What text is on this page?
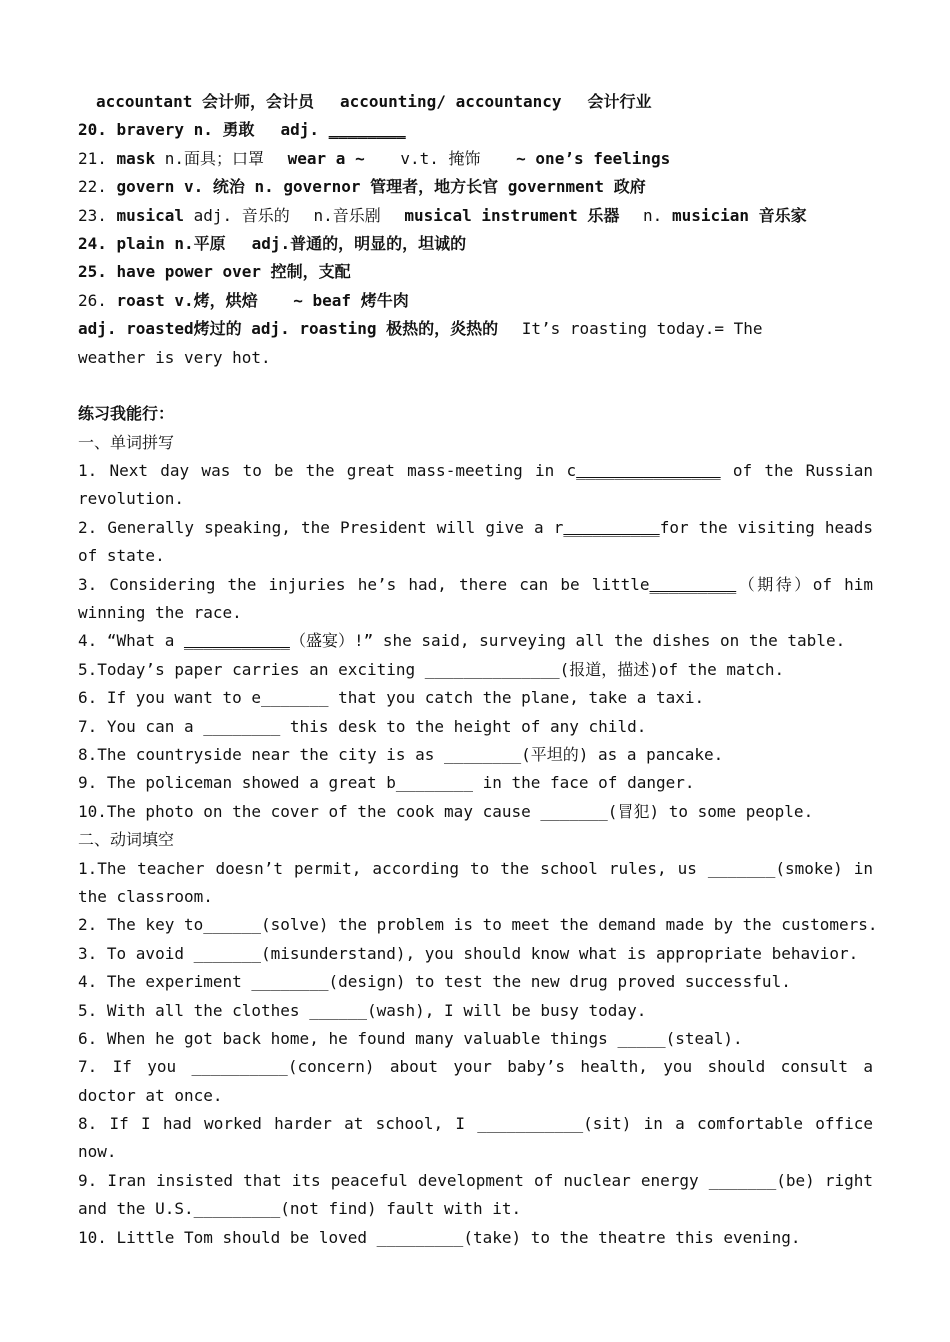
accountant 会计师，会计员 accounting/ accountancy 会计行业
20. bravery n. 勇敢 adj. ________
21. mask n.面具；口罩 wear a ~ v.t. 掩饰 ~ one’s feelings
22. govern v. 统治 n. governor 管理者，地方长官 government 政府
23. musical adj. 音乐的 n.音乐剧 musical instrument 乐器 n. musician 音乐家
24. plain n.平原 adj.普通的，明显的，坦诚的
25. have power over 控制，支配
26. roast v.烤，烘焙 ~ beaf 烤牛肉
adj. roasted烤过的 adj. roasting 极热的，炎热的 It’s roasting today.= The
weather is very hot.
练习我能行：
一、单词拼写
1. Next day was to be the great mass-meeting in c_______________ of the Russian
revolution.
2. Generally speaking, the President will give a r__________for the visiting heads
of state.
3. Considering the injuries he’s had, there can be little_________（期待）of him
winning the race.
4. “What a ___________（盛宴）!” she said, surveying all the dishes on the table.
5.Today’s paper carries an exciting ______________(报道，描述)of the match.
6. If you want to e_______ that you catch the plane, take a taxi.
7. You can a ________ this desk to the height of any child.
8.The countryside near the city is as ________(平坦的) as a pancake.
9. The policeman showed a great b________ in the face of danger.
10.The photo on the cover of the cook may cause _______(冒犯) to some people.
二、动词填空
1.The teacher doesn’t permit, according to the school rules, us _______(smoke) in
the classroom.
2. The key to______(solve) the problem is to meet the demand made by the customers.
3. To avoid _______(misunderstand), you should know what is appropriate behavior.
4. The experiment ________(design) to test the new drug proved successful.
5. With all the clothes ______(wash), I will be busy today.
6. When he got back home, he found many valuable things _____(steal).
7. If you __________(concern) about your baby’s health, you should consult a
doctor at once.
8. If I had worked harder at school, I ___________(sit) in a comfortable office
now.
9. Iran insisted that its peaceful development of nuclear energy _______(be) right
and the U.S._________(not find) fault with it.
10. Little Tom should be loved _________(take) to the theatre this evening.
